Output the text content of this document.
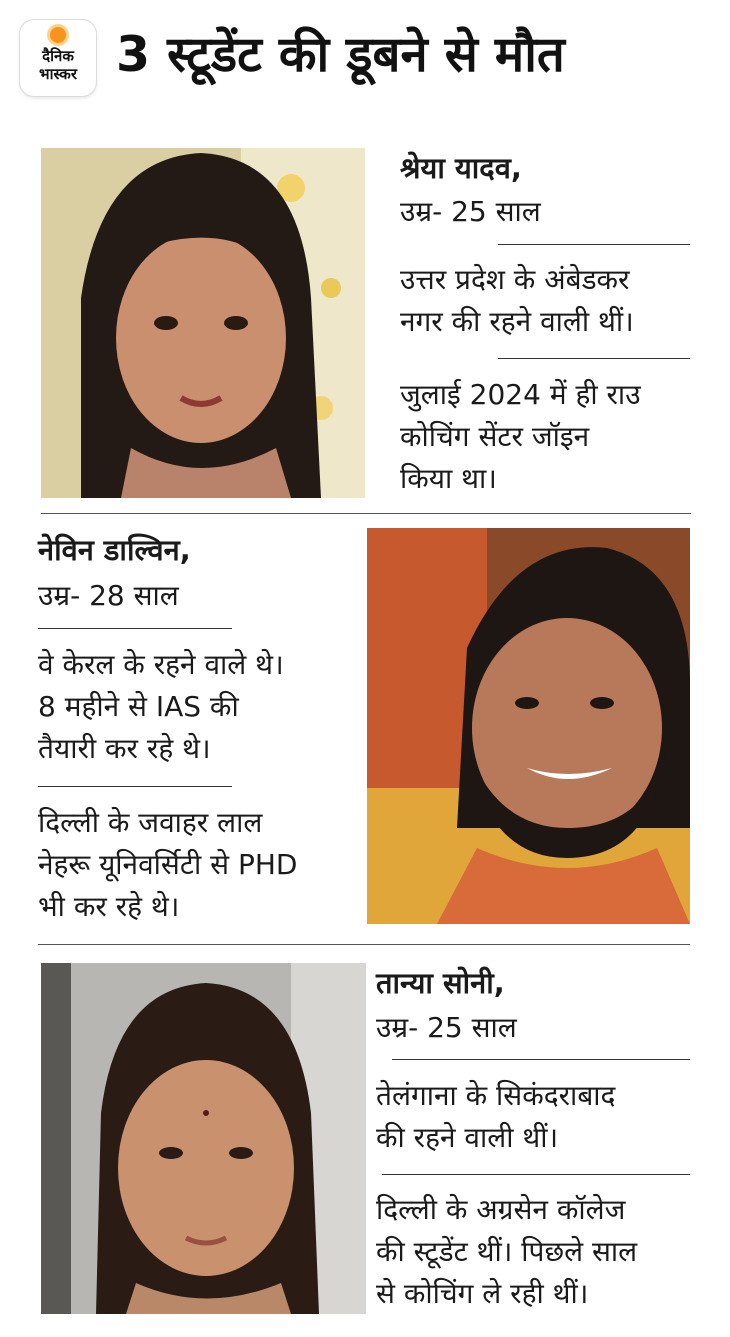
दैनिक
भास्कर 3 स्टूडेंट की डूबने से मौत
श्रेया यादव,
उम्र- 25 साल
उत्तर प्रदेश के अंबेडकर
नगर की रहने वाली थीं।
जुलाई 2024 में ही राउ
कोचिंग सेंटर जॉइन
किया था।
नेविन डाल्विन,
उम्र- 28 साल
वे केरल के रहने वाले थे।
8 महीने से IAS की
तैयारी कर रहे थे।
दिल्ली के जवाहर लाल
नेहरू यूनिवर्सिटी से PHD
भी कर रहे थे।
तान्या सोनी,
उम्र- 25 साल
तेलंगाना के सिकंदराबाद
की रहने वाली थीं।
दिल्ली के अग्रसेन कॉलेज
की स्टूडेंट थीं। पिछले साल
से कोचिंग ले रही थीं।
